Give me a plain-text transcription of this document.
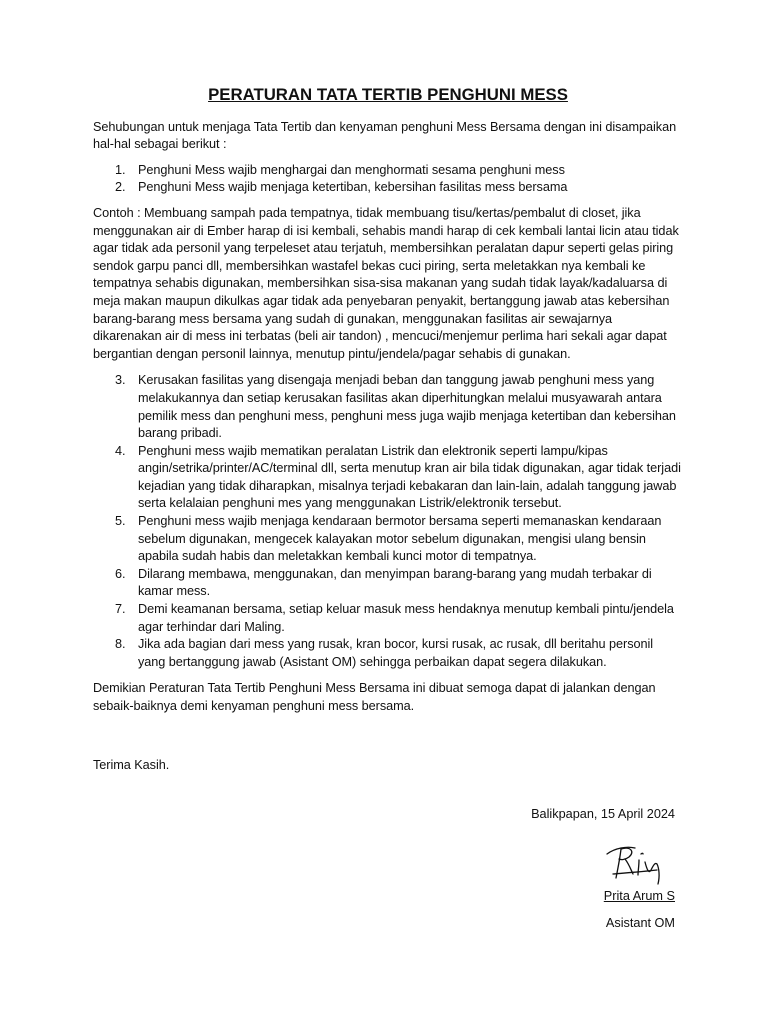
PERATURAN TATA TERTIB PENGHUNI MESS

Sehubungan untuk menjaga Tata Tertib dan kenyaman penghuni Mess Bersama dengan ini disampaikan hal-hal sebagai berikut :

1. Penghuni Mess wajib menghargai dan menghormati sesama penghuni mess
2. Penghuni Mess wajib menjaga ketertiban, kebersihan fasilitas mess bersama

Contoh : Membuang sampah pada tempatnya, tidak membuang tisu/kertas/pembalut di closet, jika menggunakan air di Ember harap di isi kembali, sehabis mandi harap di cek kembali lantai licin atau tidak agar tidak ada personil yang terpeleset atau terjatuh, membersihkan peralatan dapur seperti gelas piring sendok garpu panci dll, membersihkan wastafel bekas cuci piring, serta meletakkan nya kembali ke tempatnya sehabis digunakan, membersihkan sisa-sisa makanan yang sudah tidak layak/kadaluarsa di meja makan maupun dikulkas agar tidak ada penyebaran penyakit, bertanggung jawab atas kebersihan barang-barang mess bersama yang sudah di gunakan, menggunakan fasilitas air sewajarnya dikarenakan air di mess ini terbatas (beli air tandon) , mencuci/menjemur perlima hari sekali agar dapat bergantian dengan personil lainnya, menutup pintu/jendela/pagar sehabis di gunakan.

3. Kerusakan fasilitas yang disengaja menjadi beban dan tanggung jawab penghuni mess yang melakukannya dan setiap kerusakan fasilitas akan diperhitungkan melalui musyawarah antara pemilik mess dan penghuni mess, penghuni mess juga wajib menjaga ketertiban dan kebersihan barang pribadi.
4. Penghuni mess wajib mematikan peralatan Listrik dan elektronik seperti lampu/kipas angin/setrika/printer/AC/terminal dll, serta menutup kran air bila tidak digunakan, agar tidak terjadi kejadian yang tidak diharapkan, misalnya terjadi kebakaran dan lain-lain, adalah tanggung jawab serta kelalaian penghuni mes yang menggunakan Listrik/elektronik tersebut.
5. Penghuni mess wajib menjaga kendaraan bermotor bersama seperti memanaskan kendaraan sebelum digunakan, mengecek kalayakan motor sebelum digunakan, mengisi ulang bensin apabila sudah habis dan meletakkan kembali kunci motor di tempatnya.
6. Dilarang membawa, menggunakan, dan menyimpan barang-barang yang mudah terbakar di kamar mess.
7. Demi keamanan bersama, setiap keluar masuk mess hendaknya menutup kembali pintu/jendela agar terhindar dari Maling.
8. Jika ada bagian dari mess yang rusak, kran bocor, kursi rusak, ac rusak, dll beritahu personil yang bertanggung jawab (Asistant OM) sehingga perbaikan dapat segera dilakukan.

Demikian Peraturan Tata Tertib Penghuni Mess Bersama ini dibuat semoga dapat di jalankan dengan sebaik-baiknya demi kenyaman penghuni mess bersama.

Terima Kasih.

Balikpapan, 15 April 2024
Prita Arum S
Asistant OM
